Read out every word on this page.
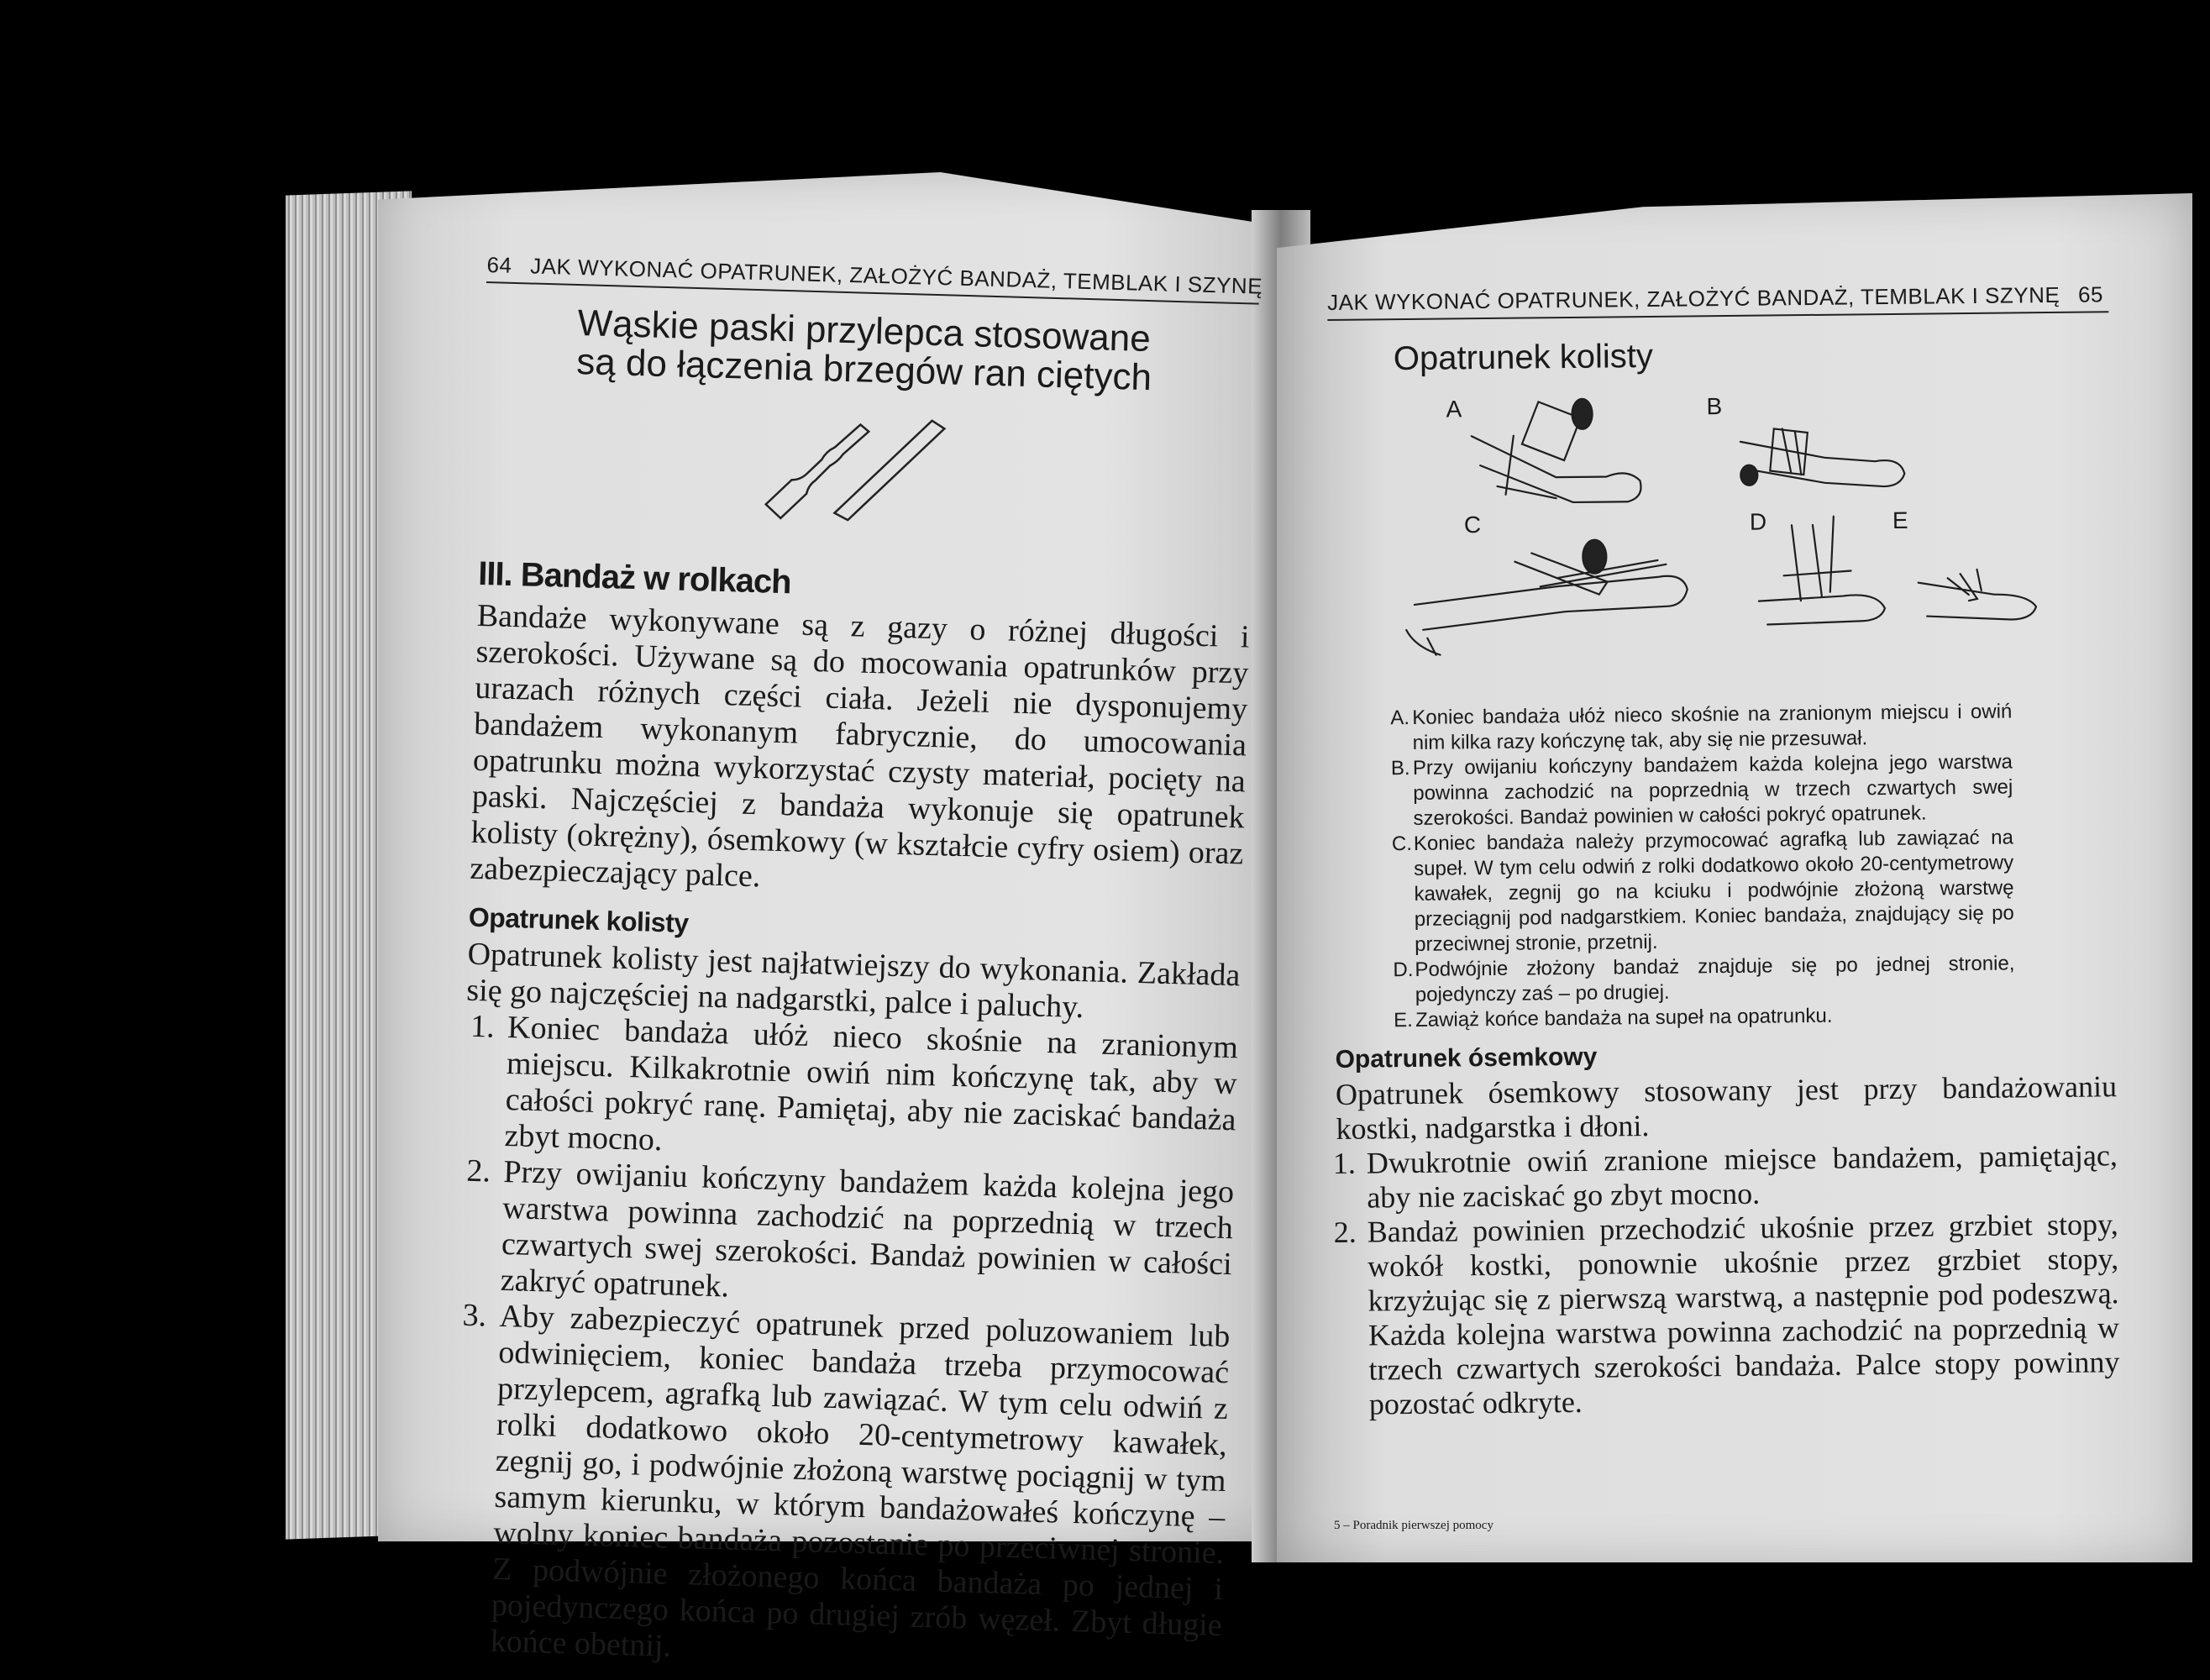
64 JAK WYKONAĆ OPATRUNEK, ZAŁOŻYĆ BANDAŻ, TEMBLAK I SZYNĘ
Wąskie paski przylepca stosowane są do łączenia brzegów ran ciętych
III. Bandaż w rolkach
Bandaże wykonywane są z gazy o różnej długości i szerokości. Używane są do mocowania opatrunków przy urazach różnych części ciała. Jeżeli nie dysponujemy bandażem wykonanym fabrycznie, do umocowania opatrunku można wykorzystać czysty materiał, pocięty na paski. Najczęściej z bandaża wykonuje się opatrunek kolisty (okrężny), ósemkowy (w kształcie cyfry osiem) oraz zabezpieczający palce.
Opatrunek kolisty
Opatrunek kolisty jest najłatwiejszy do wykonania. Zakłada się go najczęściej na nadgarstki, palce i paluchy.
1. Koniec bandaża ułóż nieco skośnie na zranionym miejscu. Kilkakrotnie owiń nim kończynę tak, aby w całości pokryć ranę. Pamiętaj, aby nie zaciskać bandaża zbyt mocno.
2. Przy owijaniu kończyny bandażem każda kolejna jego warstwa powinna zachodzić na poprzednią w trzech czwartych swej szerokości. Bandaż powinien w całości zakryć opatrunek.
3. Aby zabezpieczyć opatrunek przed poluzowaniem lub odwinięciem, koniec bandaża trzeba przymocować przylepcem, agrafką lub zawiązać. W tym celu odwiń z rolki dodatkowo około 20-centymetrowy kawałek, zegnij go, i podwójnie złożoną warstwę pociągnij w tym samym kierunku, w którym bandażowałeś kończynę – wolny koniec bandaża pozostanie po przeciwnej stronie. Z podwójnie złożonego końca bandaża po jednej i pojedynczego końca po drugiej zrób węzeł. Zbyt długie końce obetnij.
JAK WYKONAĆ OPATRUNEK, ZAŁOŻYĆ BANDAŻ, TEMBLAK I SZYNĘ 65
Opatrunek kolisty
A	B
C	D	E
A. Koniec bandaża ułóż nieco skośnie na zranionym miejscu i owiń nim kilka razy kończynę tak, aby się nie przesuwał.
B. Przy owijaniu kończyny bandażem każda kolejna jego warstwa powinna zachodzić na poprzednią w trzech czwartych swej szerokości. Bandaż powinien w całości pokryć opatrunek.
C. Koniec bandaża należy przymocować agrafką lub zawiązać na supeł. W tym celu odwiń z rolki dodatkowo około 20-centymetrowy kawałek, zegnij go na kciuku i podwójnie złożoną warstwę przeciągnij pod nadgarstkiem. Koniec bandaża, znajdujący się po przeciwnej stronie, przetnij.
D. Podwójnie złożony bandaż znajduje się po jednej stronie, pojedynczy zaś – po drugiej.
E. Zawiąż końce bandaża na supeł na opatrunku.
Opatrunek ósemkowy
Opatrunek ósemkowy stosowany jest przy bandażowaniu kostki, nadgarstka i dłoni.
1. Dwukrotnie owiń zranione miejsce bandażem, pamiętając, aby nie zaciskać go zbyt mocno.
2. Bandaż powinien przechodzić ukośnie przez grzbiet stopy, wokół kostki, ponownie ukośnie przez grzbiet stopy, krzyżując się z pierwszą warstwą, a następnie pod podeszwą. Każda kolejna warstwa powinna zachodzić na poprzednią w trzech czwartych szerokości bandaża. Palce stopy powinny pozostać odkryte.
5 – Poradnik pierwszej pomocy
